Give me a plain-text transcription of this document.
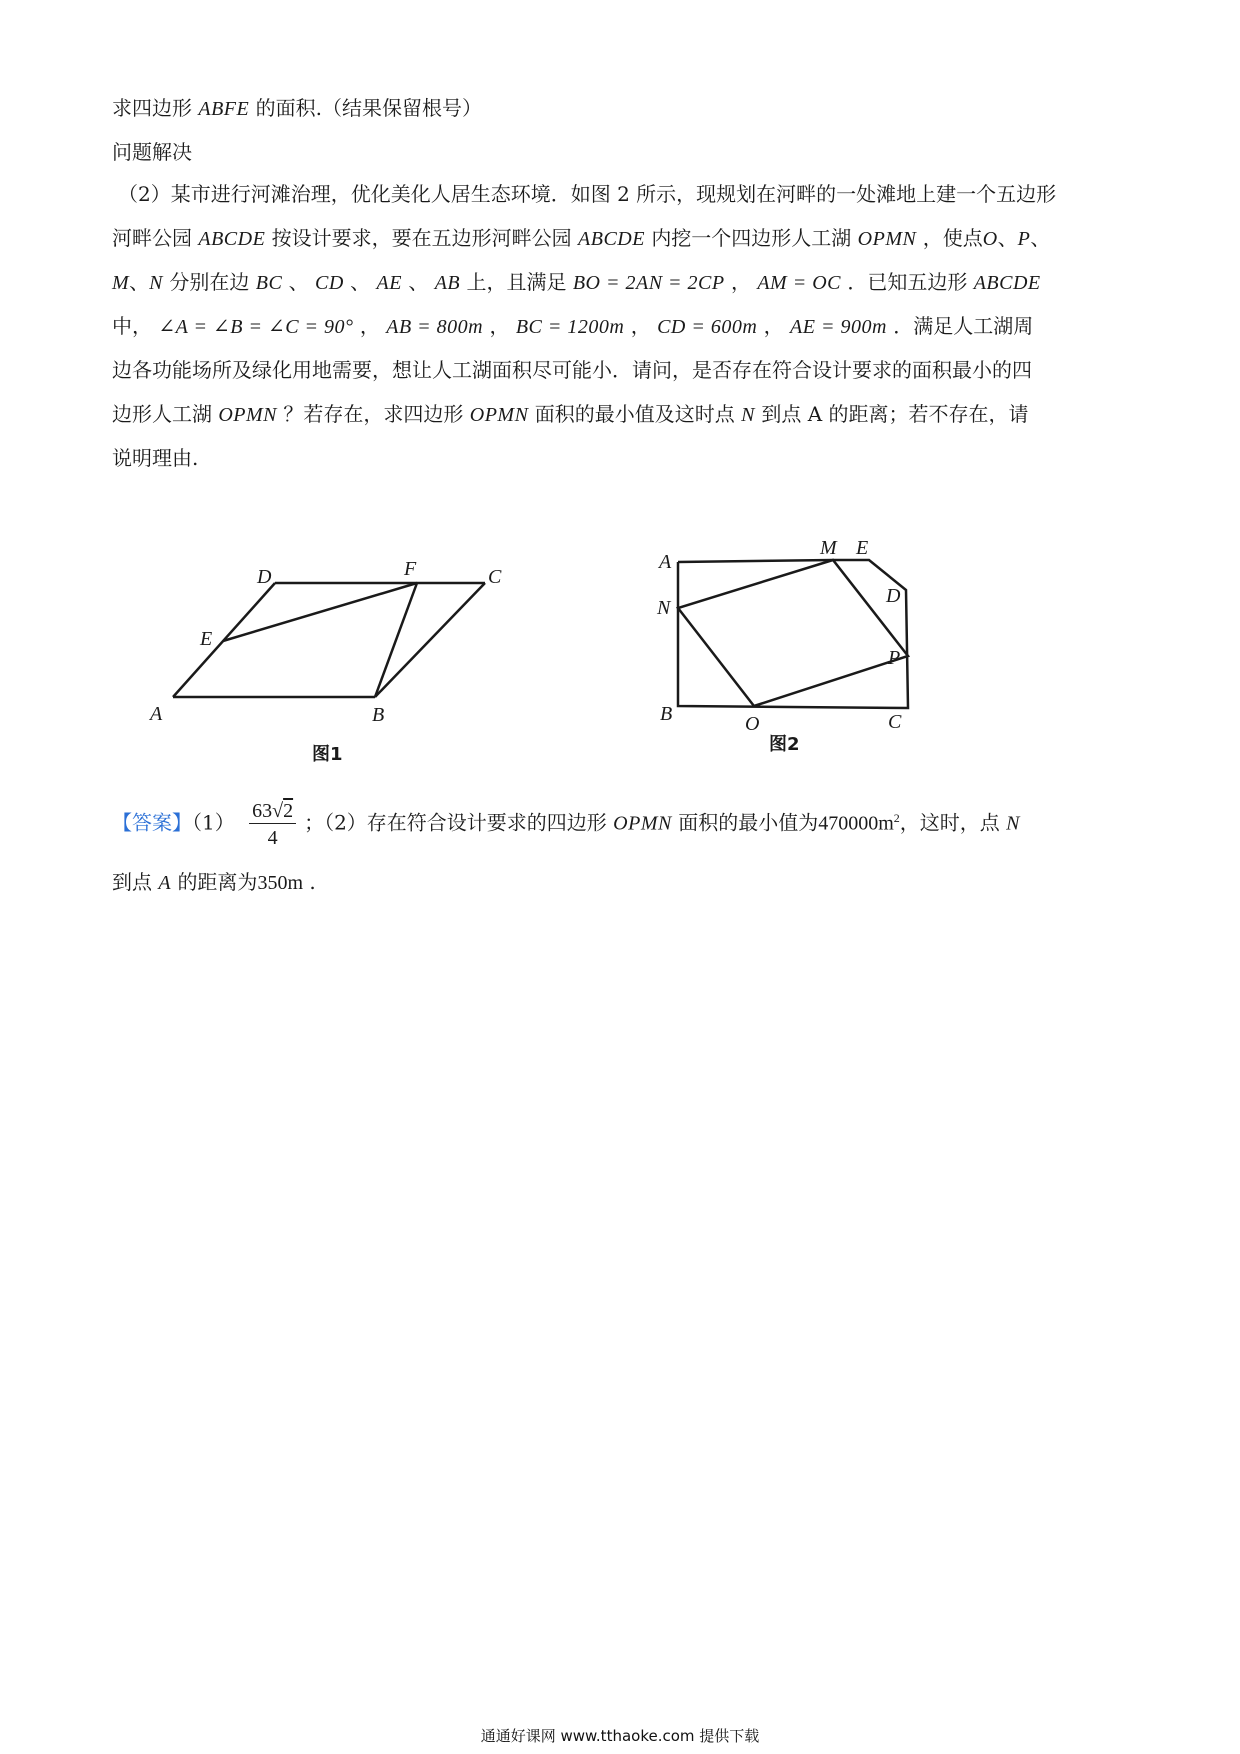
求四边形 ABFE 的面积.（结果保留根号）
问题解决
（2）某市进行河滩治理，优化美化人居生态环境．如图 2 所示，现规划在河畔的一处滩地上建一个五边形
河畔公园 ABCDE 按设计要求，要在五边形河畔公园 ABCDE 内挖一个四边形人工湖 OPMN ，使点O、P、
M、N 分别在边 BC 、 CD 、 AE 、 AB 上，且满足 BO = 2AN = 2CP ， AM = OC ．已知五边形 ABCDE
中， ∠A = ∠B = ∠C = 90° ， AB = 800m ， BC = 1200m ， CD = 600m ， AE = 900m ．满足人工湖周
边各功能场所及绿化用地需要，想让人工湖面积尽可能小．请问，是否存在符合设计要求的面积最小的四
边形人工湖 OPMN ？若存在，求四边形 OPMN 面积的最小值及这时点 N 到点 A 的距离；若不存在，请
说明理由.
A	B
C
D
E
F
图1
A
B	C
D
M E
N
O
P
图2
【答案】$(1) \frac{63√2}{4}$ ；（2）存在符合设计要求的四边形 OPMN 面积的最小值为$470000m^2$，这时，点 N
到点 A 的距离为350m .
通通好课网 www.tthaoke.com 提供下载
